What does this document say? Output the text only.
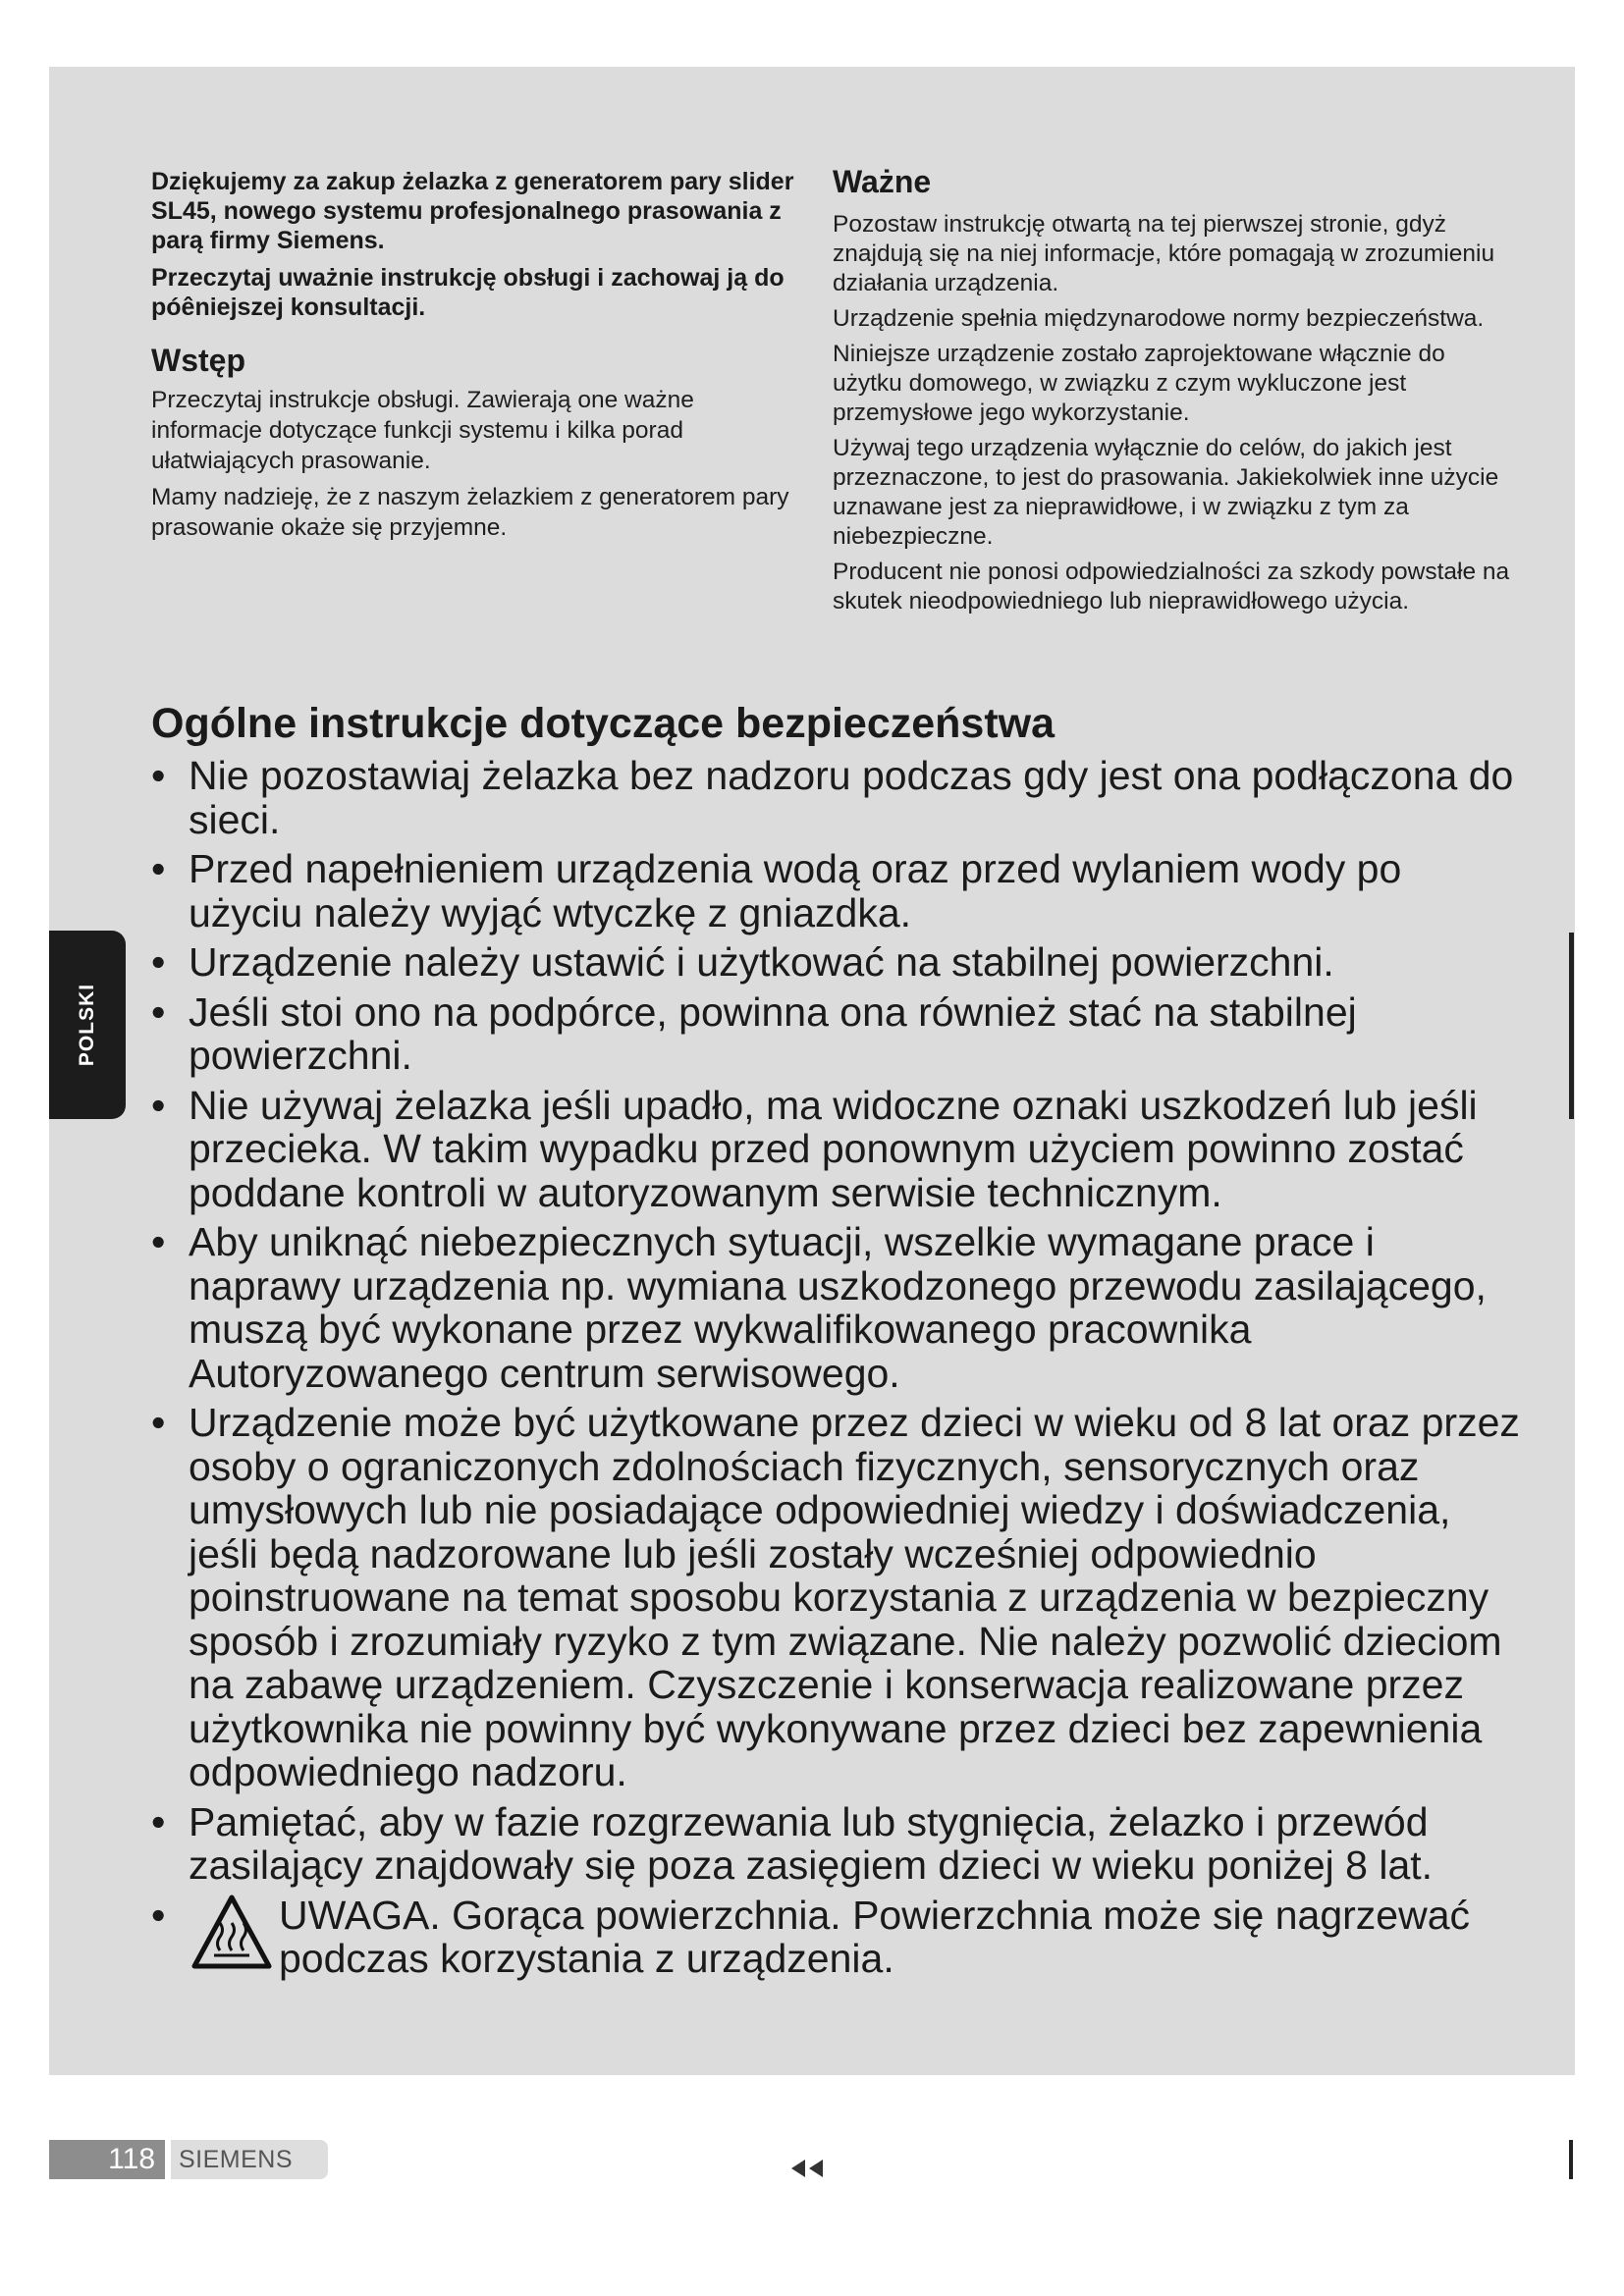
Dziękujemy za zakup żelazka z generatorem pary slider SL45, nowego systemu profesjonalnego prasowania z parą firmy Siemens.

Przeczytaj uważnie instrukcję obsługi i zachowaj ją do póêniejszej konsultacji.

Wstęp

Przeczytaj instrukcje obsługi. Zawierają one ważne informacje dotyczące funkcji systemu i kilka porad ułatwiających prasowanie.

Mamy nadzieję, że z naszym żelazkiem z generatorem pary prasowanie okaże się przyjemne.

Ważne

Pozostaw instrukcję otwartą na tej pierwszej stronie, gdyż znajdują się na niej informacje, które pomagają w zrozumieniu działania urządzenia.

Urządzenie spełnia międzynarodowe normy bezpieczeństwa.

Niniejsze urządzenie zostało zaprojektowane włącznie do użytku domowego, w związku z czym wykluczone jest przemysłowe jego wykorzystanie.

Używaj tego urządzenia wyłącznie do celów, do jakich jest przeznaczone, to jest do prasowania. Jakiekolwiek inne użycie uznawane jest za nieprawidłowe, i w związku z tym za niebezpieczne.

Producent nie ponosi odpowiedzialności za szkody powstałe na skutek nieodpowiedniego lub nieprawidłowego użycia.

Ogólne instrukcje dotyczące bezpieczeństwa
• Nie pozostawiaj żelazka bez nadzoru podczas gdy jest ona podłączona do sieci.
• Przed napełnieniem urządzenia wodą oraz przed wylaniem wody po użyciu należy wyjąć wtyczkę z gniazdka.
• Urządzenie należy ustawić i użytkować na stabilnej powierzchni.
• Jeśli stoi ono na podpórce, powinna ona również stać na stabilnej powierzchni.
• Nie używaj żelazka jeśli upadło, ma widoczne oznaki uszkodzeń lub jeśli przecieka. W takim wypadku przed ponownym użyciem powinno zostać poddane kontroli w autoryzowanym serwisie technicznym.
• Aby uniknąć niebezpiecznych sytuacji, wszelkie wymagane prace i naprawy urządzenia np. wymiana uszkodzonego przewodu zasilającego, muszą być wykonane przez wykwalifikowanego pracownika Autoryzowanego centrum serwisowego.
• Urządzenie może być użytkowane przez dzieci w wieku od 8 lat oraz przez osoby o ograniczonych zdolnościach fizycznych, sensorycznych oraz umysłowych lub nie posiadające odpowiedniej wiedzy i doświadczenia, jeśli będą nadzorowane lub jeśli zostały wcześniej odpowiednio poinstruowane na temat sposobu korzystania z urządzenia w bezpieczny sposób i zrozumiały ryzyko z tym związane. Nie należy pozwolić dzieciom na zabawę urządzeniem. Czyszczenie i konserwacja realizowane przez użytkownika nie powinny być wykonywane przez dzieci bez zapewnienia odpowiedniego nadzoru.
• Pamiętać, aby w fazie rozgrzewania lub stygnięcia, żelazko i przewód zasilający znajdowały się poza zasięgiem dzieci w wieku poniżej 8 lat.
•	UWAGA. Gorąca powierzchnia. Powierzchnia może się nagrzewać podczas korzystania z urządzenia.
POLSKI
118 SIEMENS
